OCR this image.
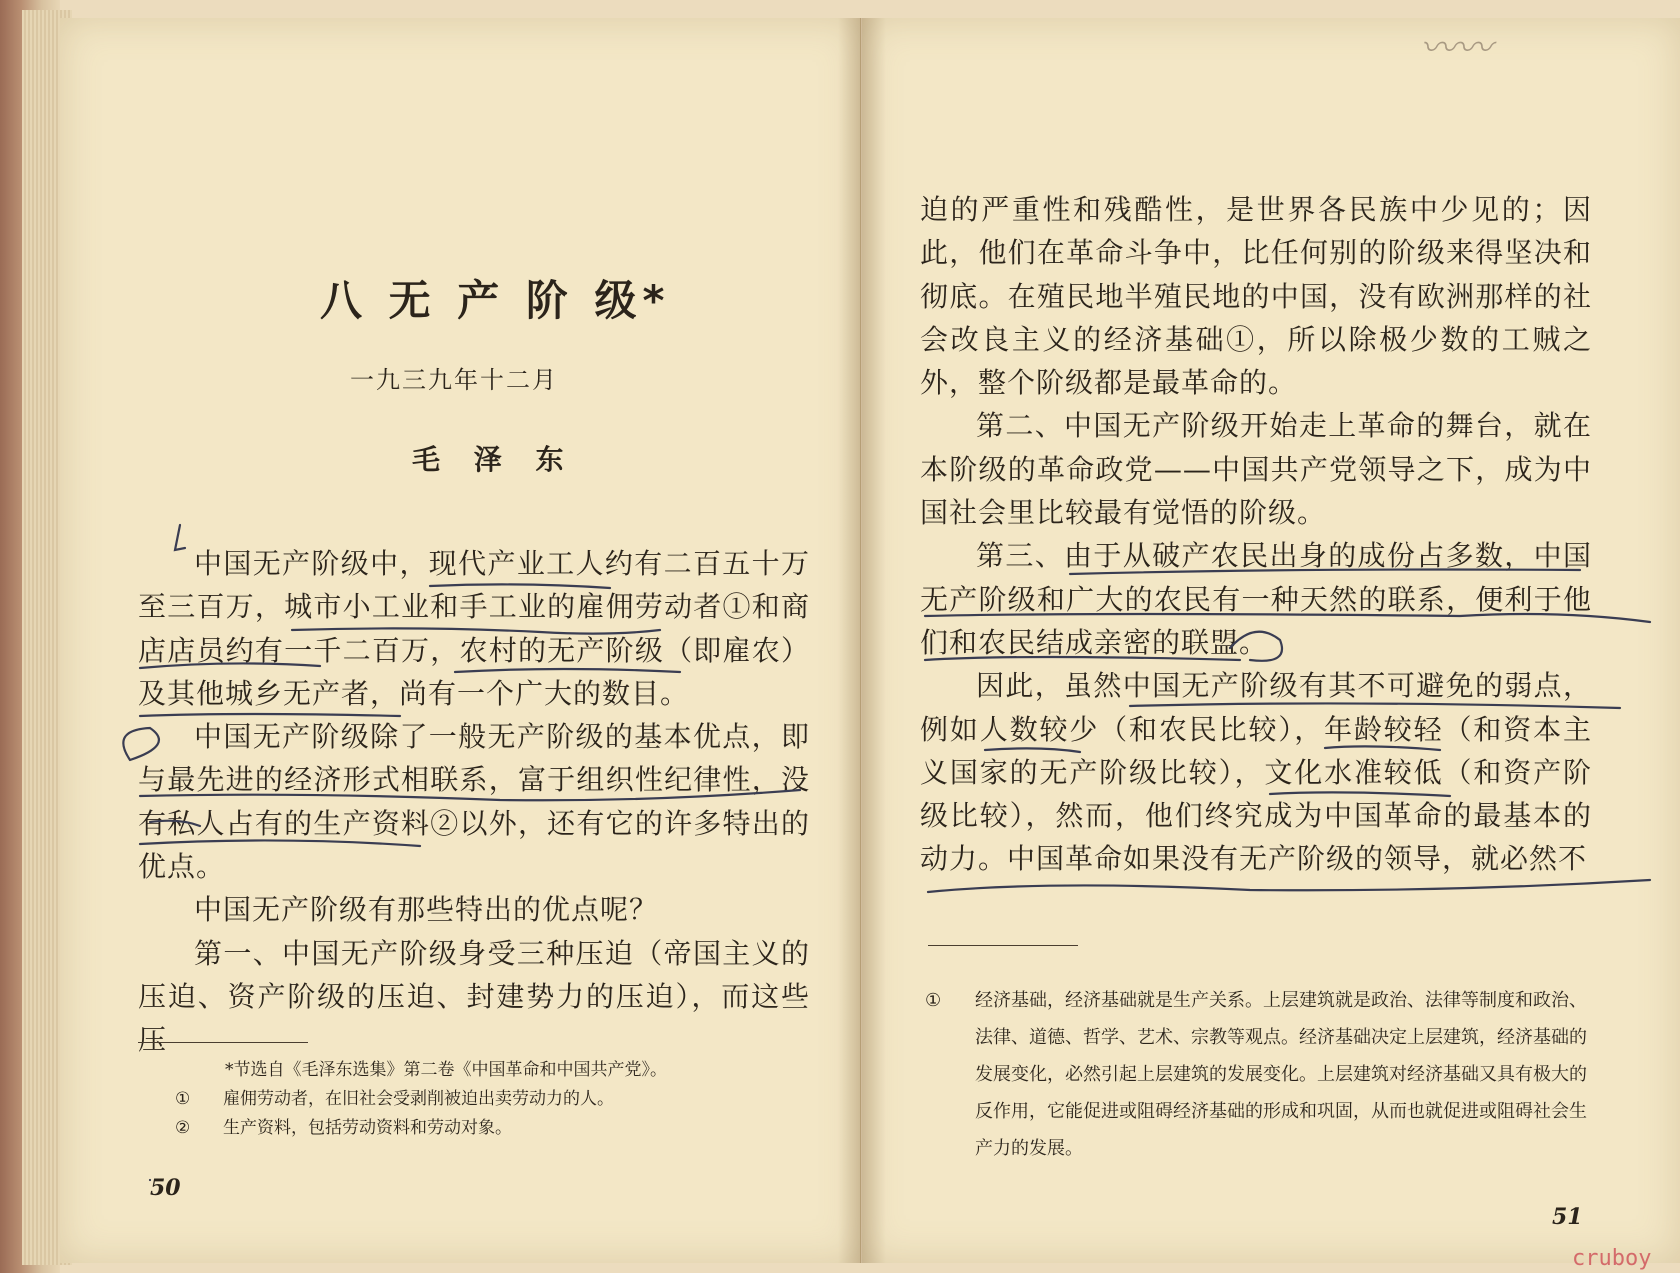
八 无 产 阶 级*
一九三九年十二月
毛 泽 东

中国无产阶级中，现代产业工人约有二百五十万至三百万，城市小工业和手工业的雇佣劳动者①和商店店员约有一千二百万，农村的无产阶级（即雇农）及其他城乡无产者，尚有一个广大的数目。

中国无产阶级除了一般无产阶级的基本优点，即与最先进的经济形式相联系，富于组织性纪律性，没有私人占有的生产资料②以外，还有它的许多特出的优点。

中国无产阶级有那些特出的优点呢？

第一、中国无产阶级身受三种压迫（帝国主义的压迫、资产阶级的压迫、封建势力的压迫），而这些压

*节选自《毛泽东选集》第二卷《中国革命和中国共产党》。

①	雇佣劳动者，在旧社会受剥削被迫出卖劳动力的人。
②	生产资料，包括劳动资料和劳动对象。
50

迫的严重性和残酷性，是世界各民族中少见的；因此，他们在革命斗争中，比任何别的阶级来得坚决和彻底。在殖民地半殖民地的中国，没有欧洲那样的社会改良主义的经济基础①，所以除极少数的工贼之外，整个阶级都是最革命的。

第二、中国无产阶级开始走上革命的舞台，就在本阶级的革命政党——中国共产党领导之下，成为中国社会里比较最有觉悟的阶级。

第三、由于从破产农民出身的成份占多数，中国无产阶级和广大的农民有一种天然的联系，便利于他们和农民结成亲密的联盟。

因此，虽然中国无产阶级有其不可避免的弱点，例如人数较少（和农民比较），年龄较轻（和资本主义国家的无产阶级比较），文化水准较低（和资产阶级比较），然而，他们终究成为中国革命的最基本的动力。中国革命如果没有无产阶级的领导，就必然不

①	经济基础，经济基础就是生产关系。上层建筑就是政治、法律等制度和政治、法律、道德、哲学、艺术、宗教等观点。经济基础决定上层建筑，经济基础的发展变化，必然引起上层建筑的发展变化。上层建筑对经济基础又具有极大的反作用，它能促进或阻碍经济基础的形成和巩固，从而也就促进或阻碍社会生产力的发展。

51
〰〰
cruboy
